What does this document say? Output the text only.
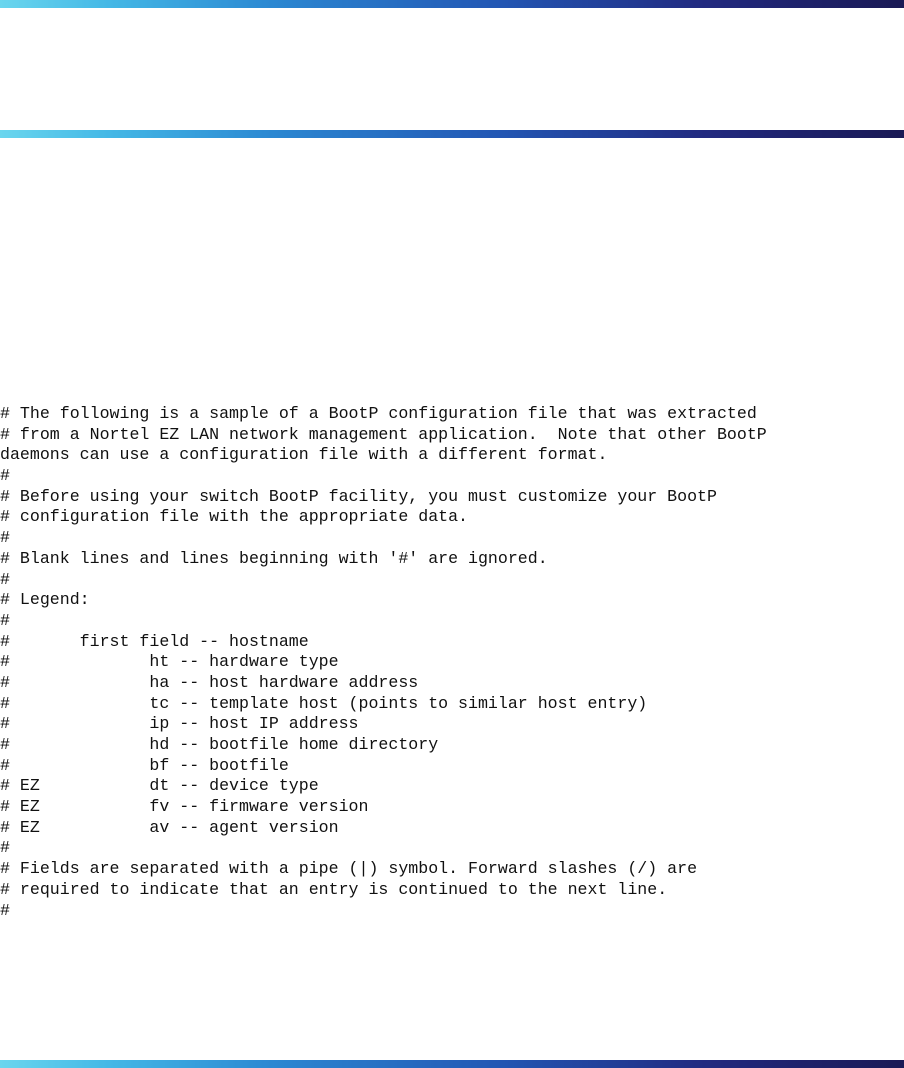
# The following is a sample of a BootP configuration file that was extracted
# from a Nortel EZ LAN network management application.  Note that other BootP
daemons can use a configuration file with a different format.
#
# Before using your switch BootP facility, you must customize your BootP
# configuration file with the appropriate data.
#
# Blank lines and lines beginning with '#' are ignored.
#
# Legend:
#
#       first field -- hostname
#              ht -- hardware type
#              ha -- host hardware address
#              tc -- template host (points to similar host entry)
#              ip -- host IP address
#              hd -- bootfile home directory
#              bf -- bootfile
# EZ           dt -- device type
# EZ           fv -- firmware version
# EZ           av -- agent version
#
# Fields are separated with a pipe (|) symbol. Forward slashes (/) are
# required to indicate that an entry is continued to the next line.
#
